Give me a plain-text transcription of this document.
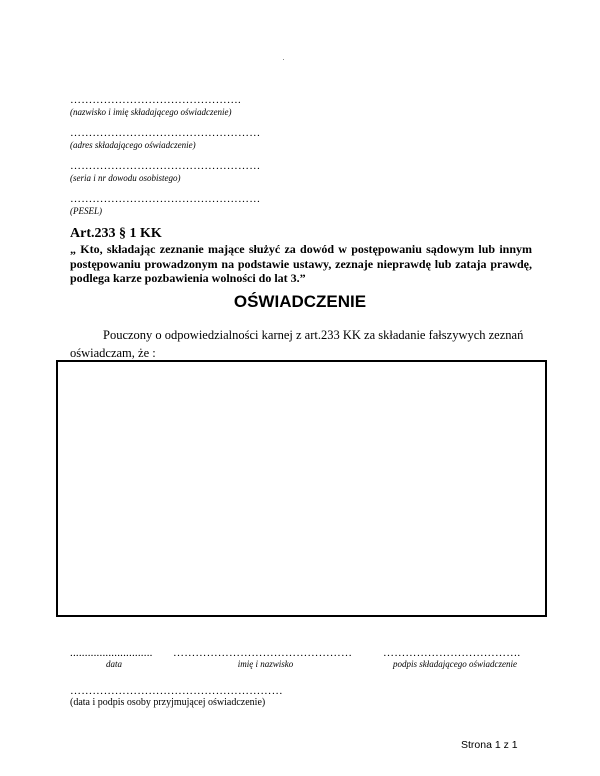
……………………………………….
(nazwisko i imię składającego oświadczenie)
……………………………………………
(adres składającego oświadczenie)
……………………………………………
(seria i nr dowodu osobistego)
……………………………………………
(PESEL)
Art.233 § 1 KK
„ Kto, składając zeznanie mające służyć za dowód w postępowaniu sądowym lub innym postępowaniu prowadzonym na podstawie ustawy, zeznaje nieprawdę lub zataja prawdę, podlega karze pozbawienia wolności do lat 3.”
OŚWIADCZENIE
Pouczony o odpowiedzialności karnej z art.233 KK za składanie fałszywych zeznań
oświadczam, że :
............................
data
…………………………………………
imię i nazwisko
……………………………….
podpis składającego oświadczenie
…………………………………………………
(data i podpis osoby przyjmującej oświadczenie)
Strona 1 z 1
